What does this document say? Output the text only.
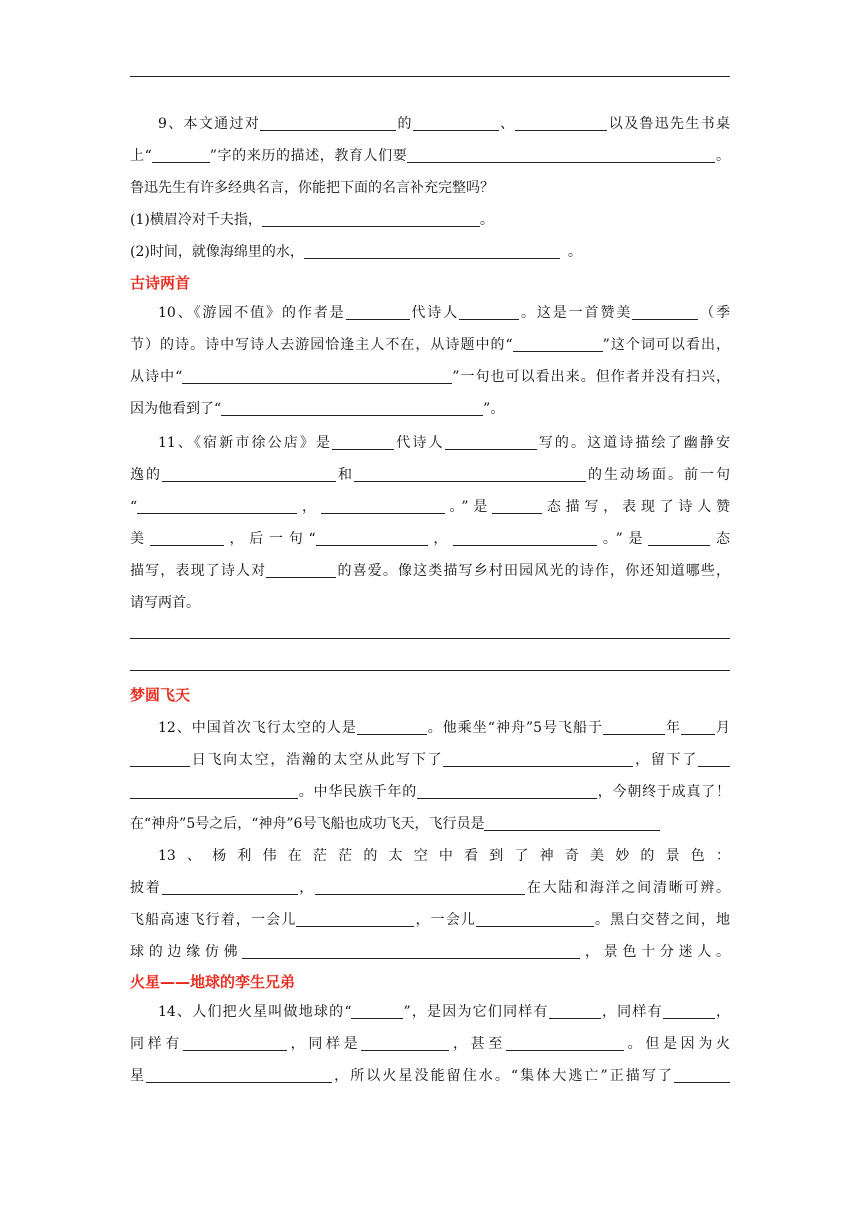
9、本文通过对	的	、	以及鲁迅先生书桌
上“	”字的来历的描述，教育人们要	。
鲁迅先生有许多经典名言，你能把下面的名言补充完整吗？
(1)横眉冷对千夫指，	。
(2)时间，就像海绵里的水，	。
古诗两首
10、《游园不值》的作者是	代诗人	。这是一首赞美	（季
节）的诗。诗中写诗人去游园恰逢主人不在，从诗题中的“	”这个词可以看出，
从诗中“	”一句也可以看出来。但作者并没有扫兴，
因为他看到了“	”。
11、《宿新市徐公店》是	代诗人	写的。这道诗描绘了幽静安
逸的	和	的生动场面。前一句
“	，	。”是	态描写，表现了诗人赞
美	，后一句“	，	。”是	态
描写，表现了诗人对	的喜爱。像这类描写乡村田园风光的诗作，你还知道哪些，
请写两首。
梦圆飞天
12、中国首次飞行太空的人是	。他乘坐“神舟”5号飞船于	年 月
日飞向太空，浩瀚的太空从此写下了	，留下了
。中华民族千年的	，今朝终于成真了！
在“神舟”5号之后，“神舟”6号飞船也成功飞天，飞行员是
13、杨利伟在茫茫的太空中看到了神奇美妙的景色：
披着	，	在大陆和海洋之间清晰可辨。
飞船高速飞行着，一会儿	，一会儿	。黑白交替之间，地
球的边缘仿佛	，景色十分迷人。
火星——地球的孪生兄弟
14、人们把火星叫做地球的“	”，是因为它们同样有	，同样有	，
同样有	，同样是	，甚至	。但是因为火
星	，所以火星没能留住水。“集体大逃亡”正描写了
